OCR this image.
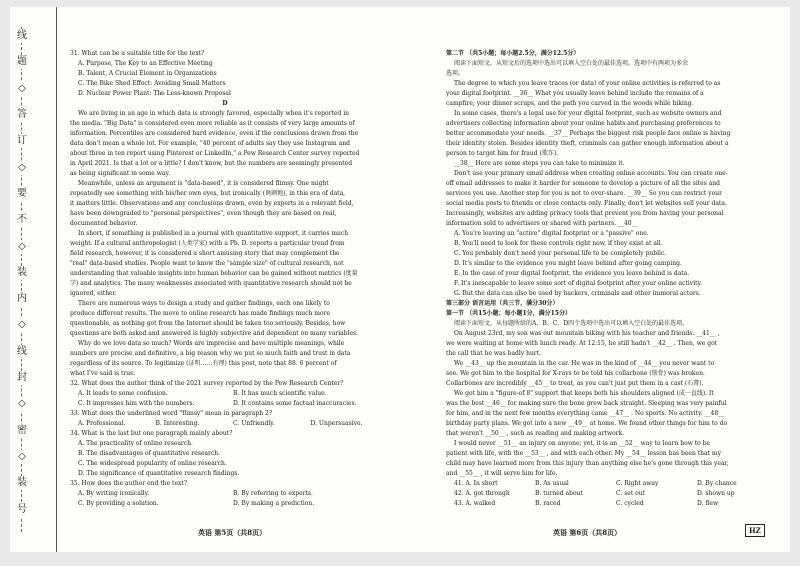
线
题
◇
答
订
◇
要
不
◇
装
内
◇
线
封
◇
密
◇
装
号
31. What can be a suitable title for the text?
A. Purpose, The Key to an Effective Meeting
B. Talent, A Crucial Element in Organizations
C. The Bike Shed Effect: Avoiding Small Matters
D. Nuclear Power Plant: The Less-known Proposal
D
We are living in an age in which data is strongly favored, especially when it's reported in
the media. "Big Data" is considered even more reliable as it consists of very large amounts of
information. Percentiles are considered hard evidence, even if the conclusions drawn from the
data don't mean a whole lot. For example, "40 percent of adults say they use Instagram and
about three in ten report using Pinterest or LinkedIn," a Pew Research Center survey reported
in April 2021. Is that a lot or a little? I don't know, but the numbers are seemingly presented
as being significant in some way.
Meanwhile, unless an argument is "data-based", it is considered flimsy. One might
repeatedly see something with his/her own eyes, but ironically (讽刺地), in this era of data,
it matters little. Observations and any conclusions drawn, even by experts in a relevant field,
have been downgraded to "personal perspectives", even though they are based on real,
documented behavior.
In short, if something is published in a journal with quantitative support, it carries much
weight. If a cultural anthropologist (人类学家) with a Ph. D. reports a particular trend from
field research, however, it is considered a short amusing story that may complement the
"real" data-based studies. People want to know the "sample size" of cultural research, not
understanding that valuable insights into human behavior can be gained without metrics (度量
学) and analytics. The many weaknesses associated with quantitative research should not be
ignored, either.
There are numerous ways to design a study and gather findings, each one likely to
produce different results. The move to online research has made findings much more
questionable, as nothing got from the Internet should be taken too seriously. Besides, how
questions are both asked and answered is highly subjective and dependent on many variables.
Why do we love data so much? Words are imprecise and have multiple meanings, while
numbers are precise and definitive, a big reason why we put so much faith and trust in data
regardless of its source. To legitimize (证明……有理) this post, note that 88. 6 percent of
what I've said is true.
32. What does the author think of the 2021 survey reported by the Pew Research Center?
A. It leads to some confusion.	B. It has much scientific value.
C. It impresses him with the numbers.	D. It contains some factual inaccuracies.
33. What does the underlined word "flimsy" mean in paragraph 2?
A. Professional.	B. Interesting.	C. Unfriendly.	D. Unpersuasive.
34. What is the last but one paragraph mainly about?
A. The practicality of online research.
B. The disadvantages of quantitative research.
C. The widespread popularity of online research.
D. The significance of quantitative research findings.
35. How does the author end the text?
A. By writing ironically.	B. By referring to experts.
C. By providing a solution.	D. By making a prediction.
第二节 （共5小题；每小题2.5分，满分12.5分）
阅读下面短文，从短文后的选项中选出可以填入空白处的最佳选项。选项中有两项为多余
选项。
The degree to which you leave traces (or data) of your online activities is referred to as
your digital footprint. __36__ What you usually leave behind include the remains of a
campfire, your dinner scraps, and the path you carved in the woods while hiking.
In some cases, there's a legal use for your digital footprint, such as website owners and
advertisers collecting information about your online habits and purchasing preferences to
better accommodate your needs. __37__ Perhaps the biggest risk people face online is having
their identity stolen. Besides identity theft, criminals can gather enough information about a
person to target him for fraud (欺诈).
__38__ Here are some steps you can take to minimize it.
Don't use your primary email address when creating online accounts. You can create one-
off email addresses to make it harder for someone to develop a picture of all the sites and
services you use. Another step for you is not to over-share. __39__ So you can restrict your
social media posts to friends or close contacts only. Finally, don't let websites sell your data.
Increasingly, websites are adding privacy tools that prevent you from having your personal
information sold to advertisers or shared with partners. __40__
A. You're leaving an "active" digital footprint or a "passive" one.
B. You'll need to look for these controls right now, if they exist at all.
C. You probably don't need your personal life to be completely public.
D. It's similar to the evidence you might leave behind after going camping.
E. In the case of your digital footprint, the evidence you leave behind is data.
F. It's inescapable to leave some sort of digital footprint after your online activity.
G. But the data can also be used by hackers, criminals and other immoral actors.
第三部分 语言运用（共三节，满分30分）
第一节 （共15小题；每小题1分，满分15分）
阅读下面短文，从每题所给的A、B、C、D四个选项中选出可以填入空白处的最佳选项。
On August 23rd, my son was out mountain biking with his teacher and friends. __41__ ,
we were waiting at home with lunch ready. At 12:15, he still hadn't __42__ . Then, we got
the call that he was badly hurt.
We __43__ up the mountain in the car. He was in the kind of __44__ you never want to
see. We got him to the hospital for X-rays to be told his collarbone (锁骨) was broken.
Collarbones are incredibly __45__ to treat, as you can't just put them in a cast (石膏).
We got him a "figure-of 8" support that keeps both his shoulders aligned (成一直线). It
was the best __46__ for making sure the bone grew back straight. Sleeping was very painful
for him, and in the next few months everything came __47__ . No sports. No activity. __48__
birthday party plans. We got into a new __49__ at home. We found other things for him to do
that weren't __50__ , such as reading and making artwork.
I would never __51__ an injury on anyone; yet, it is an __52__ way to learn how to be
patient with life, with the __53__ , and with each other. My __54__ lesson has been that my
child may have learned more from this injury than anything else he's gone through this year,
and __55__ , it will serve him for life.
41. A. In short	B. As usual	C. Right away	D. By chance
42. A. got through	B. turned about	C. set out	D. shown up
43. A. walked	B. raced	C. cycled	D. flew
英语 第5页（共8页）	英语 第6页（共8页）	HZ
